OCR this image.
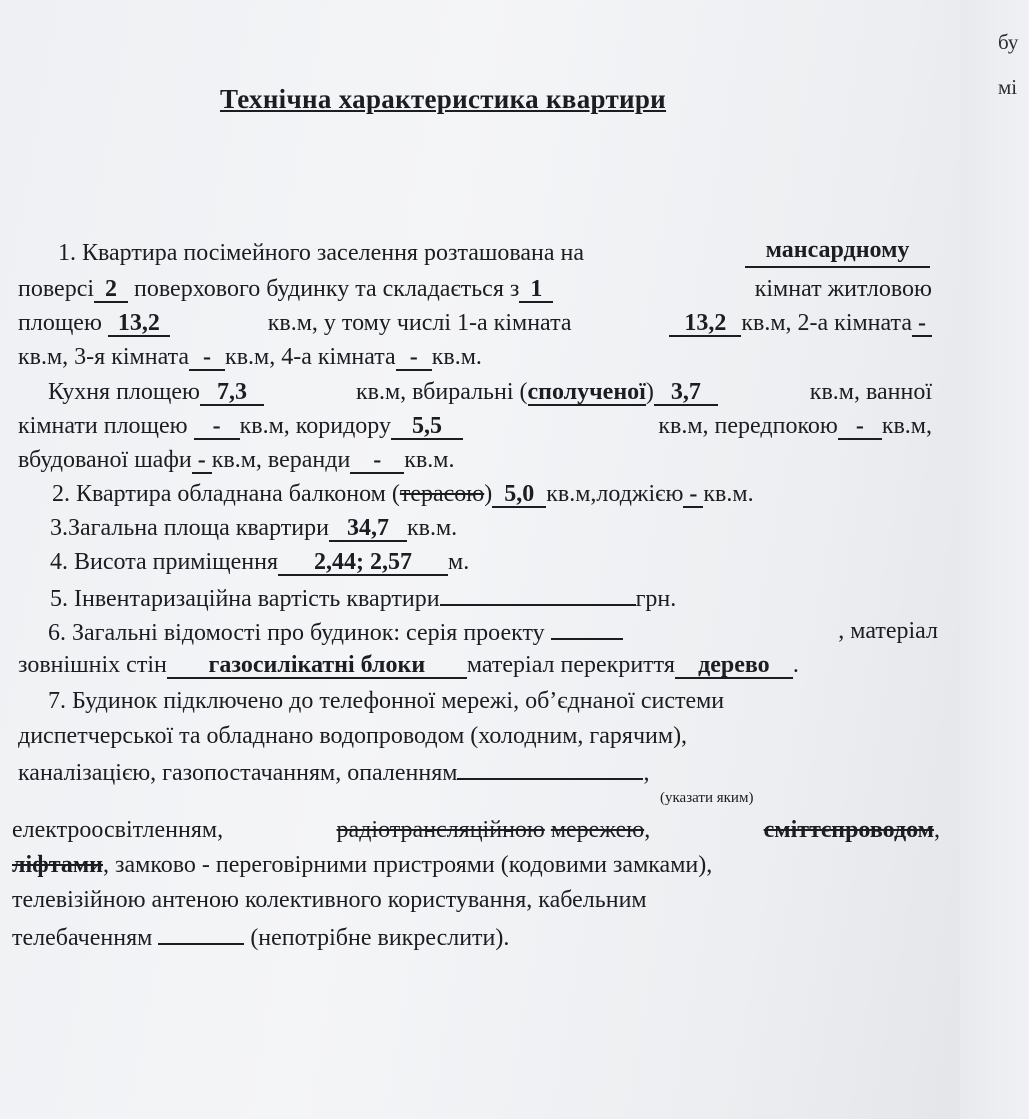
бу
мі
Технічна характеристика квартири
1. Квартира посімейного заселення розташована на	мансардному
поверсі 2 поверхового будинку та складається з 1	кімнат житловою
площею 13,2	кв.м, у тому числі 1-а кімната	13,2 кв.м, 2-а кімната -
кв.м, 3-я кімната - кв.м, 4-а кімната - кв.м.
Кухня площею 7,3	кв.м, вбиральні (сполученої) 3,7	кв.м, ванної
кімнати площею - кв.м, коридору 5,5	кв.м, передпокою - кв.м,
вбудованої шафи - кв.м, веранди - кв.м.
2. Квартира обладнана балконом (терасою) 5,0 кв.м,лоджією - кв.м.
3.Загальна площа квартири 34,7 кв.м.
4. Висота приміщення 2,44; 2,57 м.
5. Інвентаризаційна вартість квартири	грн.
6. Загальні відомості про будинок: серія проекту	, матеріал
зовнішніх стін газосилікатні блоки матеріал перекриття дерево .
7. Будинок підключено до телефонної мережі, об’єднаної системи
диспетчерської та обладнано водопроводом (холодним, гарячим),
каналізацією, газопостачанням, опаленням	,
(указати яким)
електроосвітленням,	радіотрансляційною мережею,	сміттєпроводом,
ліфтами, замково - переговірними пристроями (кодовими замками),
телевізійною антеною колективного користування, кабельним
телебаченням	(непотрібне викреслити).
